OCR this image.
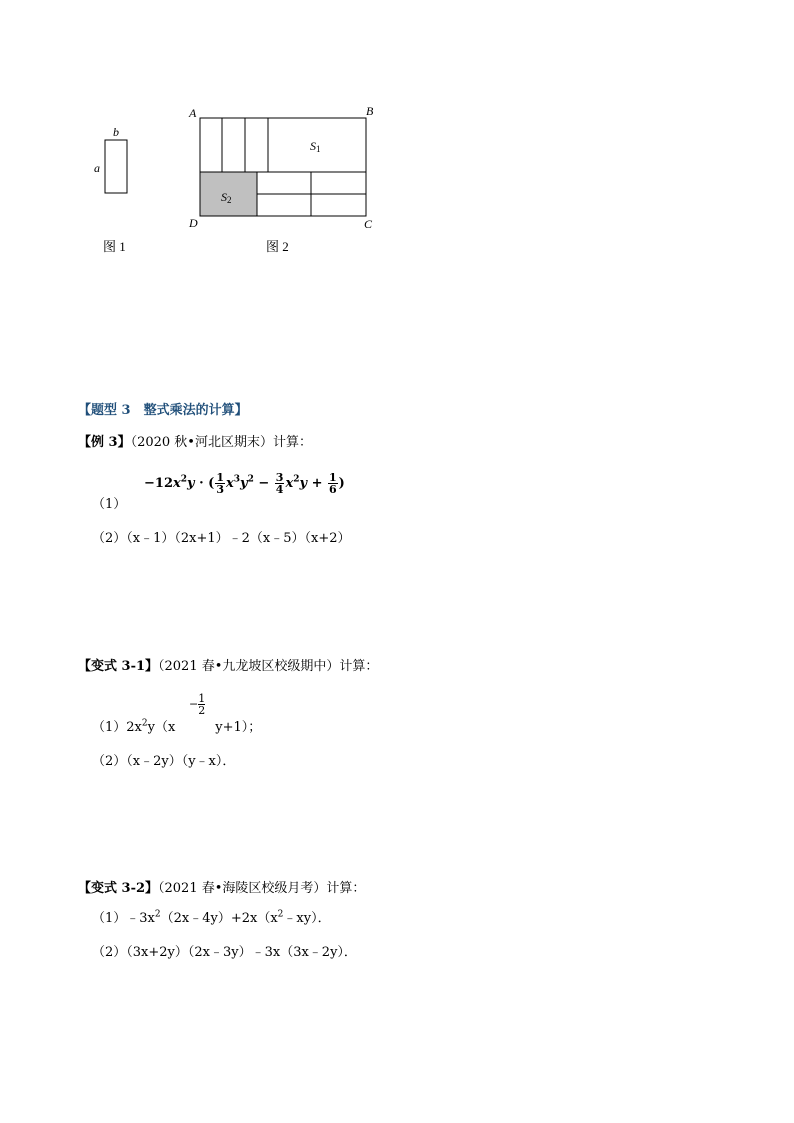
b
a
图 1
A	B
C
D
S1
S2
图 2
【题型 3　整式乘法的计算】
【例 3】（2020 秋•河北区期末）计算：
$-12x^2y$ · ( $\frac{1}{3} x^3y^2 - \frac{3}{4} x^2y + \frac{1}{6}$ )
（1）
（2）（x﹣1）（2x+1）﹣2（x﹣5）（x+2）
【变式 3-1】（2021 春•九龙坡区校级期中）计算：
− $\frac{1}{2}$
$(1)2x^2y(x$	y+1）；
（2）（x﹣2y）（y﹣x）．
【变式 3-2】（2021 春•海陵区校级月考）计算：
$(1)﹣3x^2(2x﹣4y)+2x(x^2﹣xy)$．
（2）（3x+2y）（2x﹣3y）﹣3x（3x﹣2y）．
